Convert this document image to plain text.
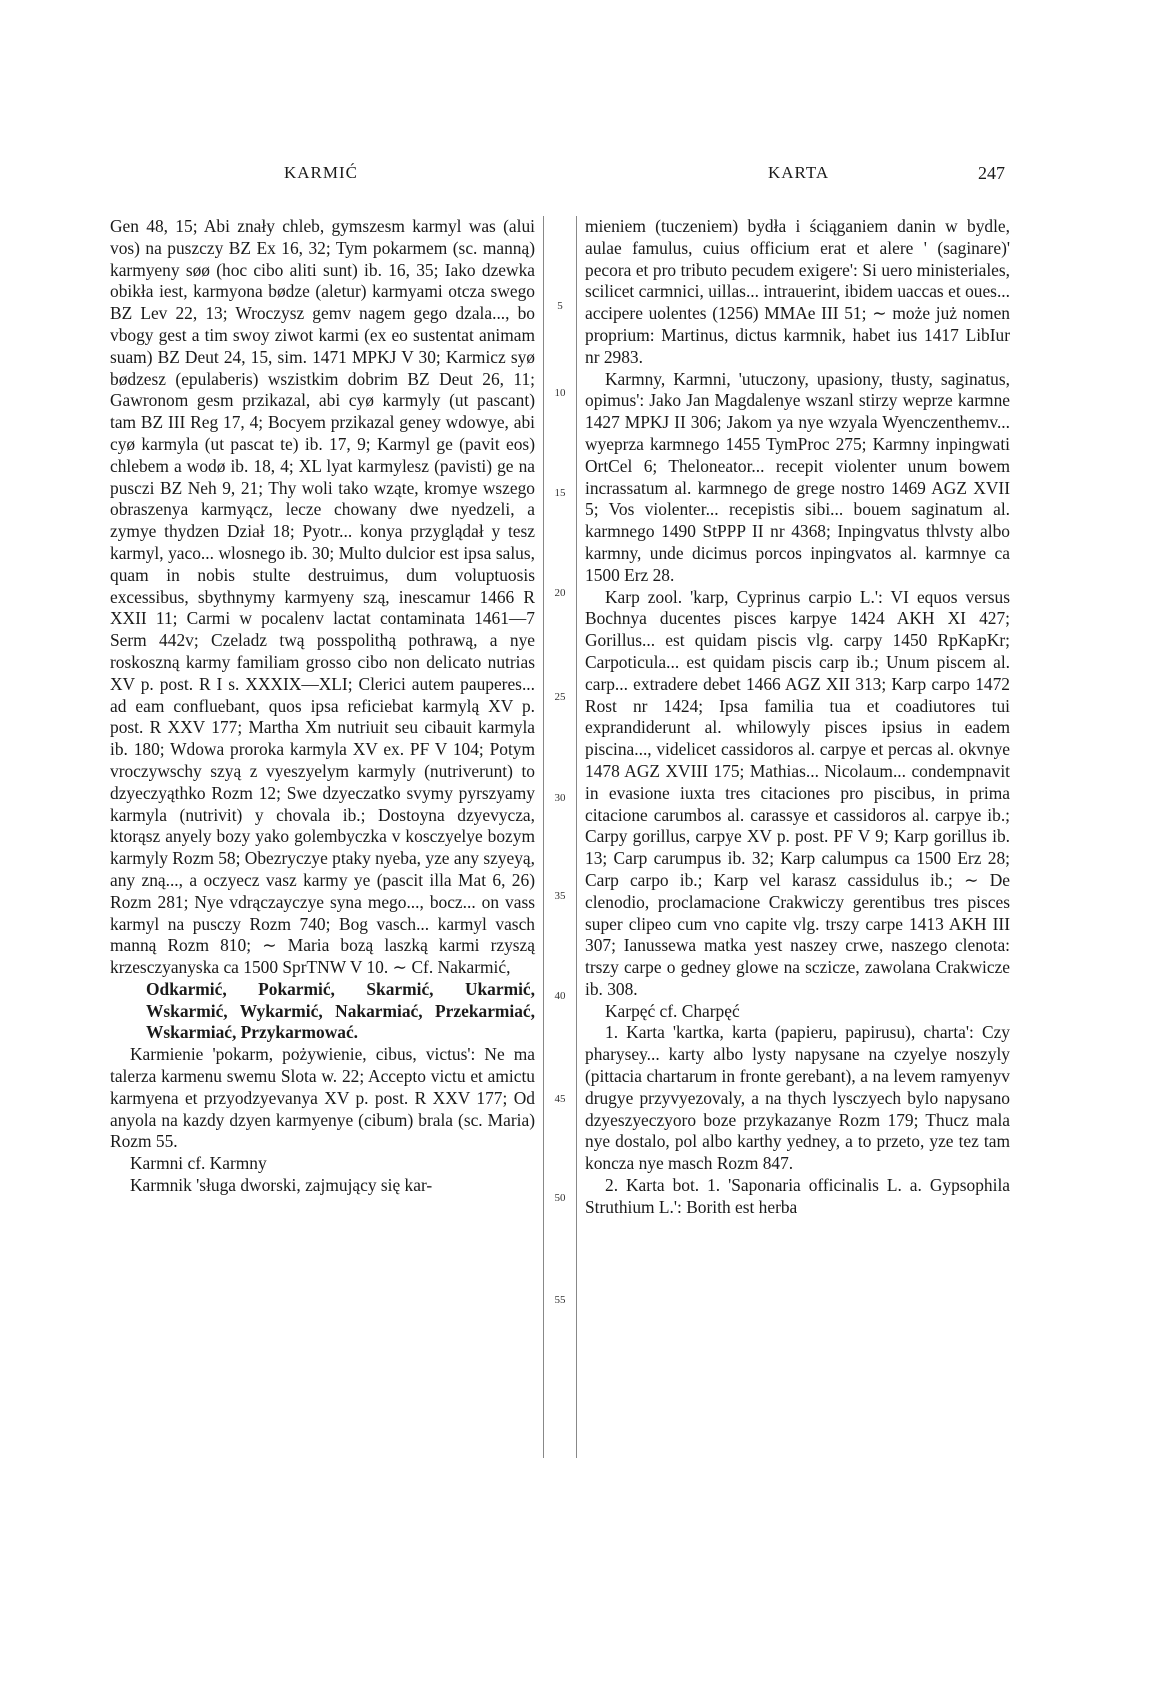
KARMIĆ	KARTA	247

Gen 48, 15; Abi znały chleb, gymszesm karmyl was (alui vos) na puszczy BZ Ex 16, 32; Tym pokarmem (sc. manną) karmyeny søø (hoc cibo aliti sunt) ib. 16, 35; Iako dzewka obikła iest, karmyona bødze (aletur) karmyami otcza swego BZ Lev 22, 13; Wroczysz gemv nagem gego dzala..., bo vbogy gest a tim swoy ziwot karmi (ex eo sustentat animam suam) BZ Deut 24, 15, sim. 1471 MPKJ V 30; Karmicz syø bødzesz (epulaberis) wszistkim dobrim BZ Deut 26, 11; Gawronom gesm przikazal, abi cyø karmyly (ut pascant) tam BZ III Reg 17, 4; Bocyem przikazal geney wdowye, abi cyø karmyla (ut pascat te) ib. 17, 9; Karmyl ge (pavit eos) chlebem a wodø ib. 18, 4; XL lyat karmylesz (pavisti) ge na pusczi BZ Neh 9, 21; Thy woli tako wząte, kromye wszego obraszenya karmyącz, lecze chowany dwe nyedzeli, a zymye thydzen Dział 18; Pyotr... konya przyglądał y tesz karmyl, yaco... wlosnego ib. 30; Multo dulcior est ipsa salus, quam in nobis stulte destruimus, dum voluptuosis excessibus, sbythnymy karmyeny szą, inescamur 1466 R XXII 11; Carmi w pocalenv lactat contaminata 1461—7 Serm 442v; Czeladz twą posspolithą pothrawą, a nye roskoszną karmy familiam grosso cibo non delicato nutrias XV p. post. R I s. XXXIX—XLI; Clerici autem pauperes... ad eam confluebant, quos ipsa reficiebat karmylą XV p. post. R XXV 177; Martha Xm nutriuit seu cibauit karmyla ib. 180; Wdowa proroka karmyla XV ex. PF V 104; Potym vroczywschy szyą z vyeszyelym karmyly (nutriverunt) to dzyeczyąthko Rozm 12; Swe dzyeczatko svymy pyrszyamy karmyla (nutrivit) y chovala ib.; Dostoyna dzyevycza, ktorąsz anyely bozy yako golembyczka v kosczyelye bozym karmyly Rozm 58; Obezryczye ptaky nyeba, yze any szyeyą, any zną..., a oczyecz vasz karmy ye (pascit illa Mat 6, 26) Rozm 281; Nye vdrączayczye syna mego..., bocz... on vass karmyl na pusczy Rozm 740; Bog vasch... karmyl vasch manną Rozm 810; ∼ Maria bozą laszką karmi rzyszą krzesczyanyska ca 1500 SprTNW V 10. ∼ Cf. Nakarmić,

Odkarmić, Pokarmić, Skarmić, Ukarmić, Wskarmić, Wykarmić, Nakarmiać, Przekarmiać, Wskarmiać, Przykarmować.

Karmienie 'pokarm, pożywienie, cibus, victus': Ne ma talerza karmenu swemu Slota w. 22; Accepto victu et amictu karmyena et przyodzyevanya XV p. post. R XXV 177; Od anyola na kazdy dzyen karmyenye (cibum) brala (sc. Maria) Rozm 55.

Karmni cf. Karmny

Karmnik 'sługa dworski, zajmujący się kar-

5
10
15
20
25
30
35
40
45
50
55

mieniem (tuczeniem) bydła i ściąganiem danin w bydle, aulae famulus, cuius officium erat et alere ' (saginare)' pecora et pro tributo pecudem exigere': Si uero ministeriales, scilicet carmnici, uillas... intrauerint, ibidem uaccas et oues... accipere uolentes (1256) MMAe III 51; ∼ może już nomen proprium: Martinus, dictus karmnik, habet ius 1417 LibIur nr 2983.

Karmny, Karmni, 'utuczony, upasiony, tłusty, saginatus, opimus': Jako Jan Magdalenye wszanl stirzy weprze karmne 1427 MPKJ II 306; Jakom ya nye wzyala Wyenczenthemv... wyeprza karmnego 1455 TymProc 275; Karmny inpingwati OrtCel 6; Theloneator... recepit violenter unum bowem incrassatum al. karmnego de grege nostro 1469 AGZ XVII 5; Vos violenter... recepistis sibi... bouem saginatum al. karmnego 1490 StPPP II nr 4368; Inpingvatus thlvsty albo karmny, unde dicimus porcos inpingvatos al. karmnye ca 1500 Erz 28.

Karp zool. 'karp, Cyprinus carpio L.': VI equos versus Bochnya ducentes pisces karpye 1424 AKH XI 427; Gorillus... est quidam piscis vlg. carpy 1450 RpKapKr; Carpoticula... est quidam piscis carp ib.; Unum piscem al. carp... extradere debet 1466 AGZ XII 313; Karp carpo 1472 Rost nr 1424; Ipsa familia tua et coadiutores tui exprandiderunt al. whilowyly pisces ipsius in eadem piscina..., videlicet cassidoros al. carpye et percas al. okvnye 1478 AGZ XVIII 175; Mathias... Nicolaum... condempnavit in evasione iuxta tres citaciones pro piscibus, in prima citacione carumbos al. carassye et cassidoros al. carpye ib.; Carpy gorillus, carpye XV p. post. PF V 9; Karp gorillus ib. 13; Carp carumpus ib. 32; Karp calumpus ca 1500 Erz 28; Carp carpo ib.; Karp vel karasz cassidulus ib.; ∼ De clenodio, proclamacione Crakwiczy gerentibus tres pisces super clipeo cum vno capite vlg. trszy carpe 1413 AKH III 307; Ianussewa matka yest naszey crwe, naszego clenota: trszy carpe o gedney glowe na sczicze, zawolana Crakwicze ib. 308.

Karpęć cf. Charpęć

1. Karta 'kartka, karta (papieru, papirusu), charta': Czy pharysey... karty albo lysty napysane na czyelye noszyly (pittacia chartarum in fronte gerebant), a na levem ramyenyv drugye przyvyezovaly, a na thych lysczyech bylo napysano dzyeszyeczyoro boze przykazanye Rozm 179; Thucz mala nye dostalo, pol albo karthy yedney, a to przeto, yze tez tam koncza nye masch Rozm 847.

2. Karta bot. 1. 'Saponaria officinalis L. a. Gypsophila Struthium L.': Borith est herba
